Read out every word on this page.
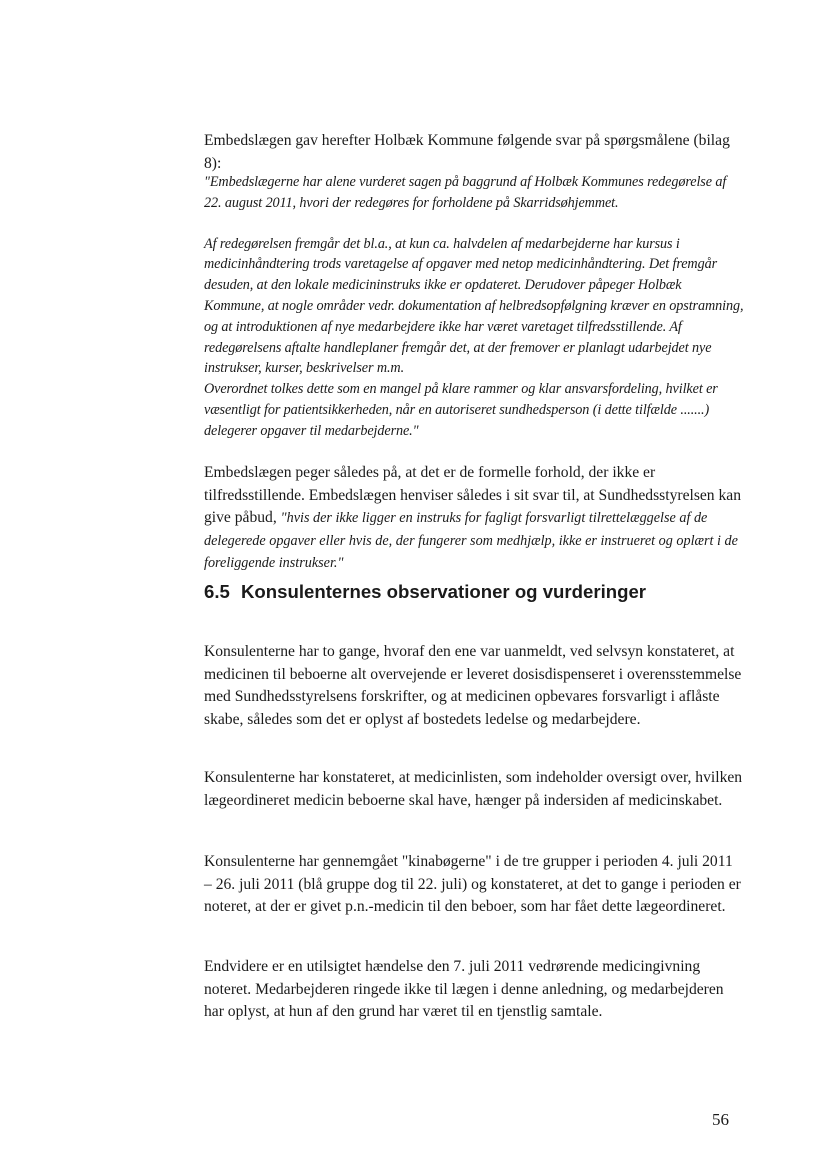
Embedslægen gav herefter Holbæk Kommune følgende svar på spørgsmålene (bilag 8):

"Embedslægerne har alene vurderet sagen på baggrund af Holbæk Kommunes redegørelse af 22. august 2011, hvori der redegøres for forholdene på Skarridsøhjemmet.

Af redegørelsen fremgår det bl.a., at kun ca. halvdelen af medarbejderne har kursus i medicinhåndtering trods varetagelse af opgaver med netop medicinhåndtering. Det fremgår desuden, at den lokale medicininstruks ikke er opdateret. Derudover påpeger Holbæk Kommune, at nogle områder vedr. dokumentation af helbredsopfølgning kræver en opstramning, og at introduktionen af nye medarbejdere ikke har været varetaget tilfredsstillende. Af redegørelsens aftalte handleplaner fremgår det, at der fremover er planlagt udarbejdet nye instrukser, kurser, beskrivelser m.m.

Overordnet tolkes dette som en mangel på klare rammer og klar ansvarsfordeling, hvilket er væsentligt for patientsikkerheden, når en autoriseret sundhedsperson (i dette tilfælde .......) delegerer opgaver til medarbejderne."

Embedslægen peger således på, at det er de formelle forhold, der ikke er tilfredsstillende. Embedslægen henviser således i sit svar til, at Sundhedsstyrelsen kan give påbud, "hvis der ikke ligger en instruks for fagligt forsvarligt tilrettelæggelse af de delegerede opgaver eller hvis de, der fungerer som medhjælp, ikke er instrueret og oplært i de foreliggende instrukser."

6.5 Konsulenternes observationer og vurderinger

Konsulenterne har to gange, hvoraf den ene var uanmeldt, ved selvsyn konstateret, at medicinen til beboerne alt overvejende er leveret dosisdispenseret i overensstemmelse med Sundhedsstyrelsens forskrifter, og at medicinen opbevares forsvarligt i aflåste skabe, således som det er oplyst af bostedets ledelse og medarbejdere.

Konsulenterne har konstateret, at medicinlisten, som indeholder oversigt over, hvilken lægeordineret medicin beboerne skal have, hænger på indersiden af medicinskabet.

Konsulenterne har gennemgået "kinabøgerne" i de tre grupper i perioden 4. juli 2011 – 26. juli 2011 (blå gruppe dog til 22. juli) og konstateret, at det to gange i perioden er noteret, at der er givet p.n.-medicin til den beboer, som har fået dette lægeordineret.

Endvidere er en utilsigtet hændelse den 7. juli 2011 vedrørende medicingivning noteret. Medarbejderen ringede ikke til lægen i denne anledning, og medarbejderen har oplyst, at hun af den grund har været til en tjenstlig samtale.

56
